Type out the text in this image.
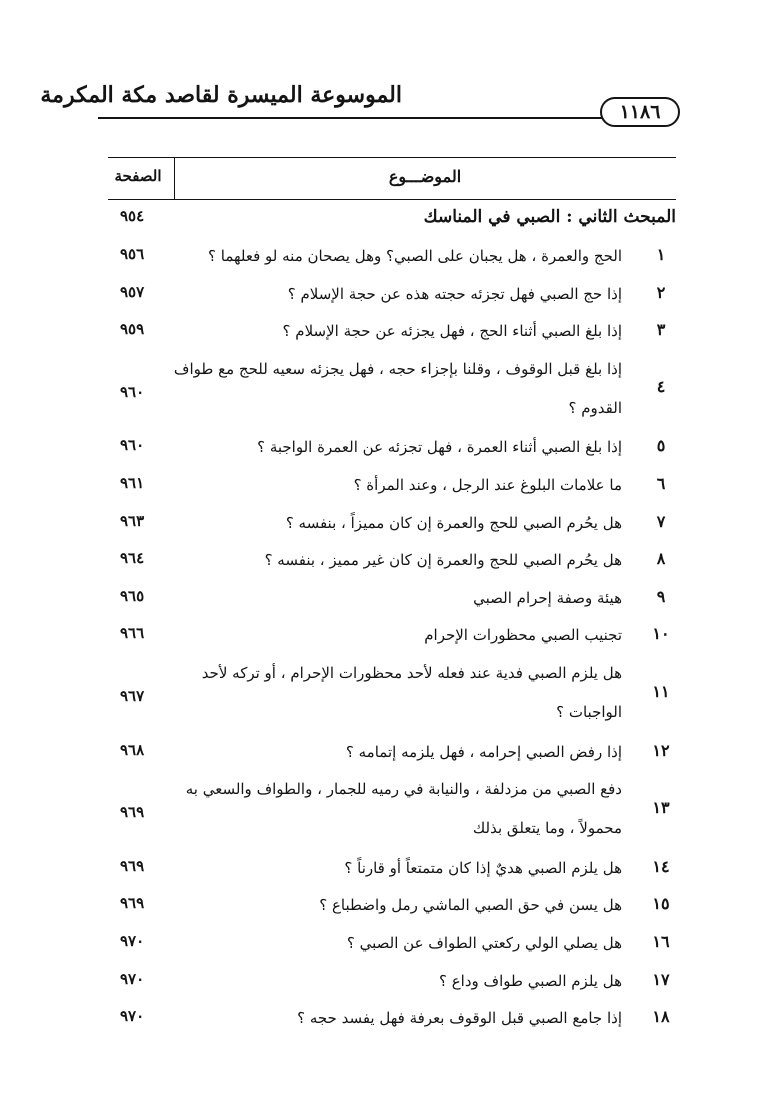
الموسوعة الميسرة لقاصد مكة المكرمة
١١٨٦
الموضـــوع
الصفحة
المبحث الثاني : الصبي في المناسك
٩٥٤
١
الحج والعمرة ، هل يجبان على الصبي؟ وهل يصحان منه لو فعلهما ؟
٩٥٦
٢
إذا حج الصبي فهل تجزئه حجته هذه عن حجة الإسلام ؟
٩٥٧
٣
إذا بلغ الصبي أثناء الحج ، فهل يجزئه عن حجة الإسلام ؟
٩٥٩
٤
إذا بلغ قبل الوقوف ، وقلنا بإجزاء حجه ، فهل يجزئه سعيه للحج مع طواف
القدوم ؟
٩٦٠
٥
إذا بلغ الصبي أثناء العمرة ، فهل تجزئه عن العمرة الواجبة ؟
٩٦٠
٦
ما علامات البلوغ عند الرجل ، وعند المرأة ؟
٩٦١
٧
هل يحُرم الصبي للحج والعمرة إن كان مميزاً ، بنفسه ؟
٩٦٣
٨
هل يحُرم الصبي للحج والعمرة إن كان غير مميز ، بنفسه ؟
٩٦٤
٩
هيئة وصفة إحرام الصبي
٩٦٥
١٠
تجنيب الصبي محظورات الإحرام
٩٦٦
١١
هل يلزم الصبي فدية عند فعله لأحد محظورات الإحرام ، أو تركه لأحد
الواجبات ؟
٩٦٧
١٢
إذا رفض الصبي إحرامه ، فهل يلزمه إتمامه ؟
٩٦٨
١٣
دفع الصبي من مزدلفة ، والنيابة في رميه للجمار ، والطواف والسعي به
محمولاً ، وما يتعلق بذلك
٩٦٩
١٤
هل يلزم الصبي هديٌ إذا كان متمتعاً أو قارناً ؟
٩٦٩
١٥
هل يسن في حق الصبي الماشي رمل واضطباع ؟
٩٦٩
١٦
هل يصلي الولي ركعتي الطواف عن الصبي ؟
٩٧٠
١٧
هل يلزم الصبي طواف وداع ؟
٩٧٠
١٨
إذا جامع الصبي قبل الوقوف بعرفة فهل يفسد حجه ؟
٩٧٠
